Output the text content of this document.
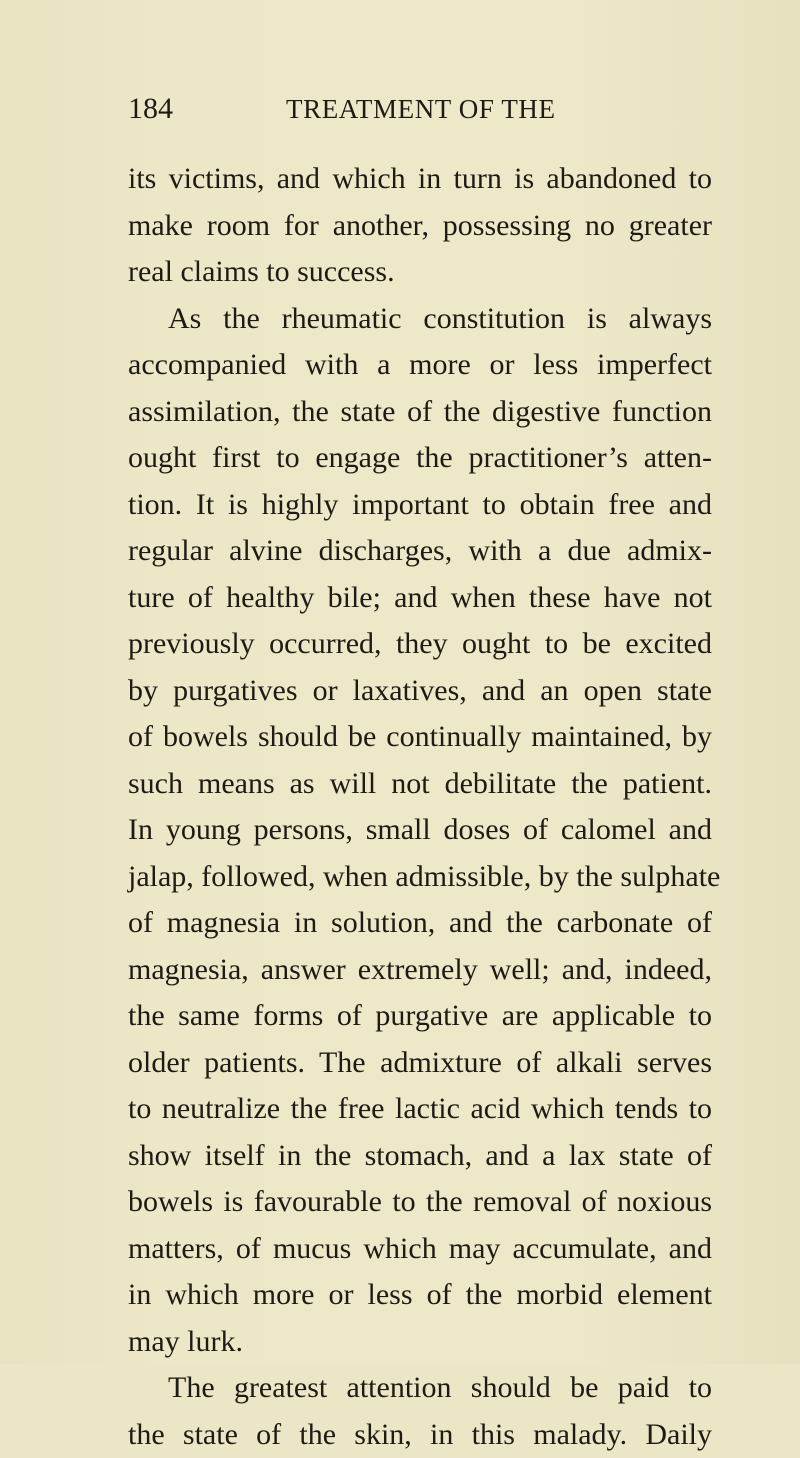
184	TREATMENT OF THE
its victims, and which in turn is abandoned to
make room for another, possessing no greater
real claims to success.
As the rheumatic constitution is always
accompanied with a more or less imperfect
assimilation, the state of the digestive function
ought first to engage the practitioner’s atten-
tion. It is highly important to obtain free and
regular alvine discharges, with a due admix-
ture of healthy bile; and when these have not
previously occurred, they ought to be excited
by purgatives or laxatives, and an open state
of bowels should be continually maintained, by
such means as will not debilitate the patient.
In young persons, small doses of calomel and
jalap, followed, when admissible, by the sulphate
of magnesia in solution, and the carbonate of
magnesia, answer extremely well; and, indeed,
the same forms of purgative are applicable to
older patients. The admixture of alkali serves
to neutralize the free lactic acid which tends to
show itself in the stomach, and a lax state of
bowels is favourable to the removal of noxious
matters, of mucus which may accumulate, and
in which more or less of the morbid element
may lurk.
The greatest attention should be paid to
the state of the skin, in this malady. Daily
